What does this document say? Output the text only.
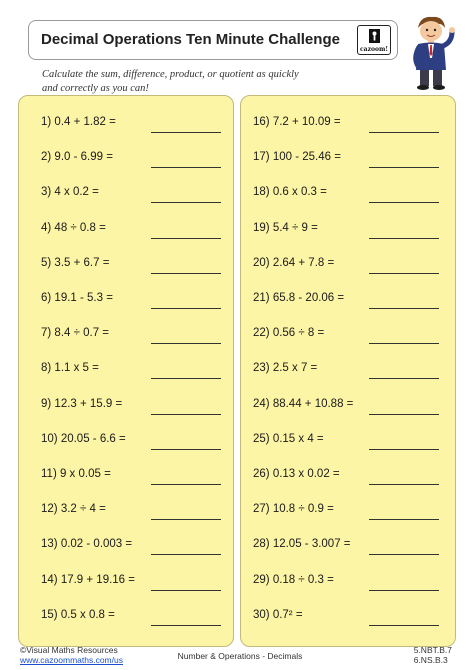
Decimal Operations Ten Minute Challenge
cazoom!
Calculate the sum, difference, product, or quotient as quickly
and correctly as you can!
1) 0.4 + 1.82 =
2) 9.0 - 6.99 =
3) 4 x 0.2 =
4) 48 ÷ 0.8 =
5) 3.5 + 6.7 =
6) 19.1 - 5.3 =
7) 8.4 ÷ 0.7 =
8) 1.1 x 5 =
9) 12.3 + 15.9 =
10) 20.05 - 6.6 =
11) 9 x 0.05 =
12) 3.2 ÷ 4 =
13) 0.02 - 0.003 =
14) 17.9 + 19.16 =
15) 0.5 x 0.8 =
16) 7.2 + 10.09 =
17) 100 - 25.46 =
18) 0.6 x 0.3 =
19) 5.4 ÷ 9 =
20) 2.64 + 7.8 =
21) 65.8 - 20.06 =
22) 0.56 ÷ 8 =
23) 2.5 x 7 =
24) 88.44 + 10.88 =
25) 0.15 x 4 =
26) 0.13 x 0.02 =
27) 10.8 ÷ 0.9 =
28) 12.05 - 3.007 =
29) 0.18 ÷ 0.3 =
30) 0.7² =
©Visual Maths Resources
www.cazoommaths.com/us	Number & Operations - Decimals
5.NBT.B.7
6.NS.B.3
